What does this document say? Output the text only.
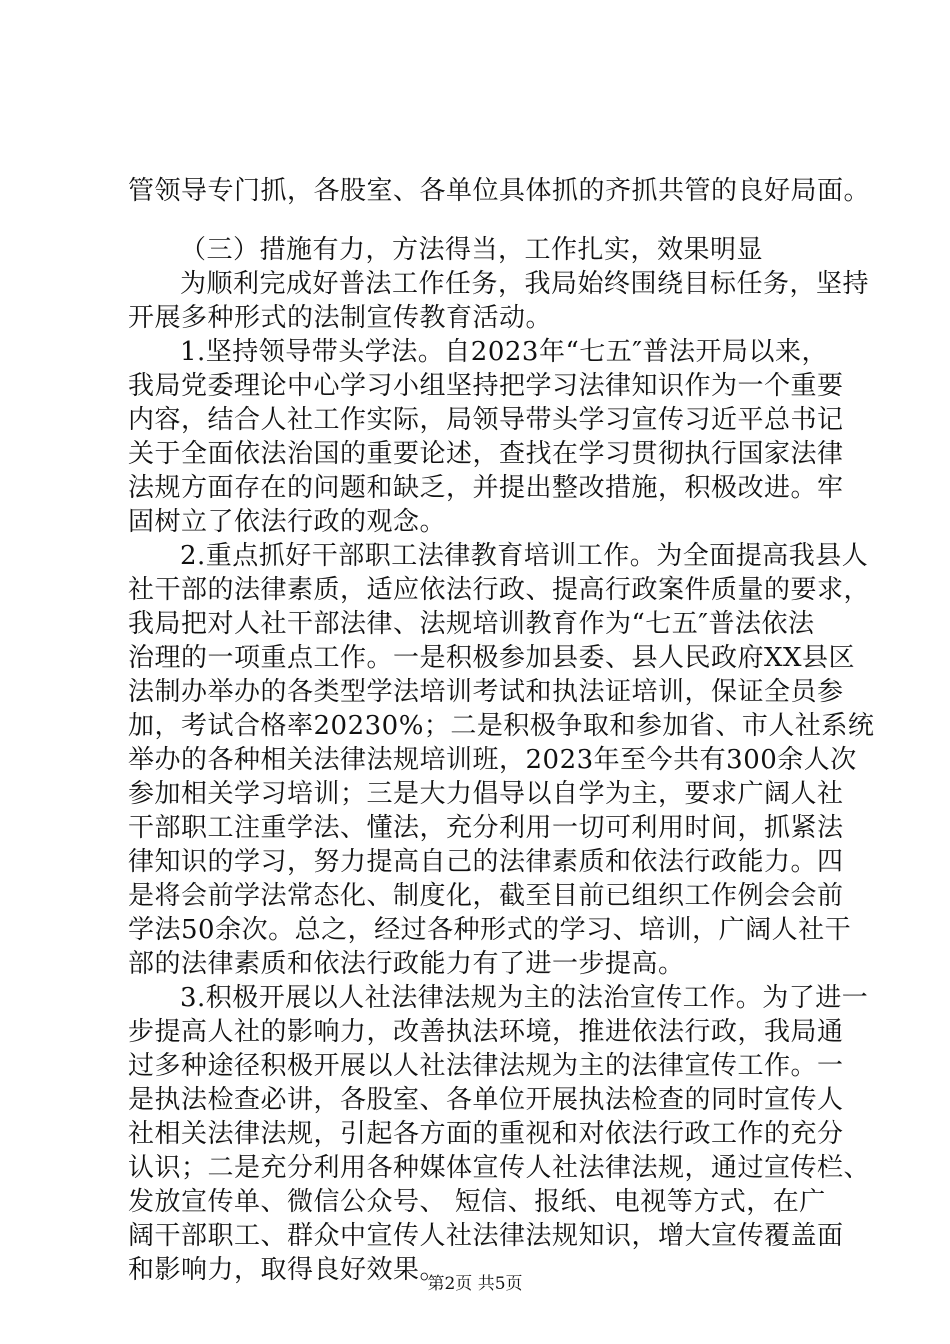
管领导专门抓，各股室、各单位具体抓的齐抓共管的良好局面。
（三）措施有力，方法得当，工作扎实，效果明显
为顺利完成好普法工作任务，我局始终围绕目标任务，坚持
开展多种形式的法制宣传教育活动。
1.坚持领导带头学法。自2023年“七五″普法开局以来，
我局党委理论中心学习小组坚持把学习法律知识作为一个重要
内容，结合人社工作实际，局领导带头学习宣传习近平总书记
关于全面依法治国的重要论述，查找在学习贯彻执行国家法律
法规方面存在的问题和缺乏，并提出整改措施，积极改进。牢
固树立了依法行政的观念。
2.重点抓好干部职工法律教育培训工作。为全面提高我县人
社干部的法律素质，适应依法行政、提高行政案件质量的要求，
我局把对人社干部法律、法规培训教育作为“七五″普法依法
治理的一项重点工作。一是积极参加县委、县人民政府XX县区
法制办举办的各类型学法培训考试和执法证培训，保证全员参
加，考试合格率20230%；二是积极争取和参加省、市人社系统
举办的各种相关法律法规培训班，2023年至今共有300余人次
参加相关学习培训；三是大力倡导以自学为主，要求广阔人社
干部职工注重学法、懂法，充分利用一切可利用时间，抓紧法
律知识的学习，努力提高自己的法律素质和依法行政能力。四
是将会前学法常态化、制度化，截至目前已组织工作例会会前
学法50余次。总之，经过各种形式的学习、培训，广阔人社干
部的法律素质和依法行政能力有了进一步提高。
3.积极开展以人社法律法规为主的法治宣传工作。为了进一
步提高人社的影响力，改善执法环境，推进依法行政，我局通
过多种途径积极开展以人社法律法规为主的法律宣传工作。一
是执法检查必讲，各股室、各单位开展执法检查的同时宣传人
社相关法律法规，引起各方面的重视和对依法行政工作的充分
认识；二是充分利用各种媒体宣传人社法律法规，通过宣传栏、
发放宣传单、微信公众号、 短信、报纸、电视等方式，在广
阔干部职工、群众中宣传人社法律法规知识，增大宣传覆盖面
和影响力，取得良好效果。
第2页 共5页
